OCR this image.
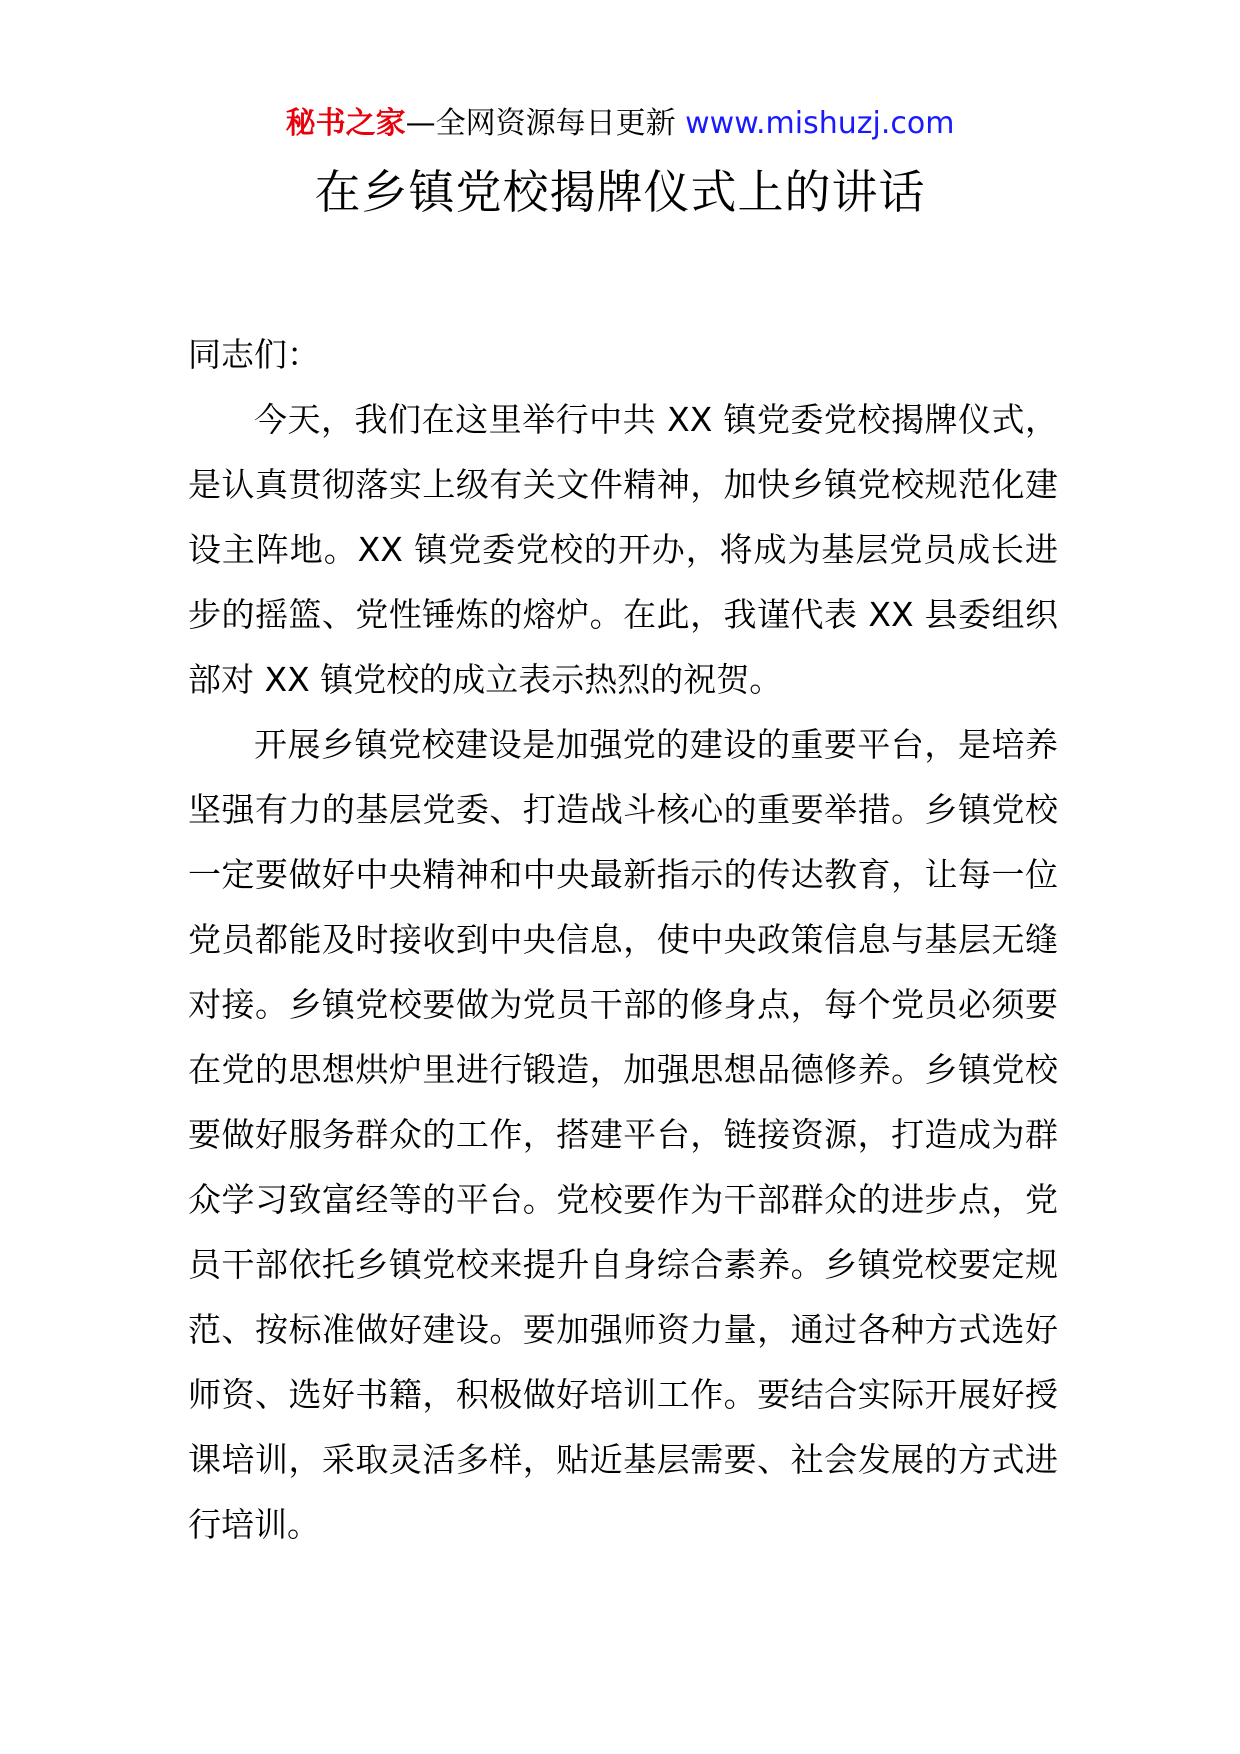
秘书之家—全网资源每日更新 www.mishuzj.com
在乡镇党校揭牌仪式上的讲话

同志们：

今天，我们在这里举行中共 XX 镇党委党校揭牌仪式，是认真贯彻落实上级有关文件精神，加快乡镇党校规范化建设主阵地。XX 镇党委党校的开办，将成为基层党员成长进步的摇篮、党性锤炼的熔炉。在此，我谨代表 XX 县委组织部对 XX 镇党校的成立表示热烈的祝贺。

开展乡镇党校建设是加强党的建设的重要平台，是培养坚强有力的基层党委、打造战斗核心的重要举措。乡镇党校一定要做好中央精神和中央最新指示的传达教育，让每一位党员都能及时接收到中央信息，使中央政策信息与基层无缝对接。乡镇党校要做为党员干部的修身点，每个党员必须要在党的思想烘炉里进行锻造，加强思想品德修养。乡镇党校要做好服务群众的工作，搭建平台，链接资源，打造成为群众学习致富经等的平台。党校要作为干部群众的进步点，党员干部依托乡镇党校来提升自身综合素养。乡镇党校要定规范、按标准做好建设。要加强师资力量，通过各种方式选好师资、选好书籍，积极做好培训工作。要结合实际开展好授课培训，采取灵活多样，贴近基层需要、社会发展的方式进行培训。
